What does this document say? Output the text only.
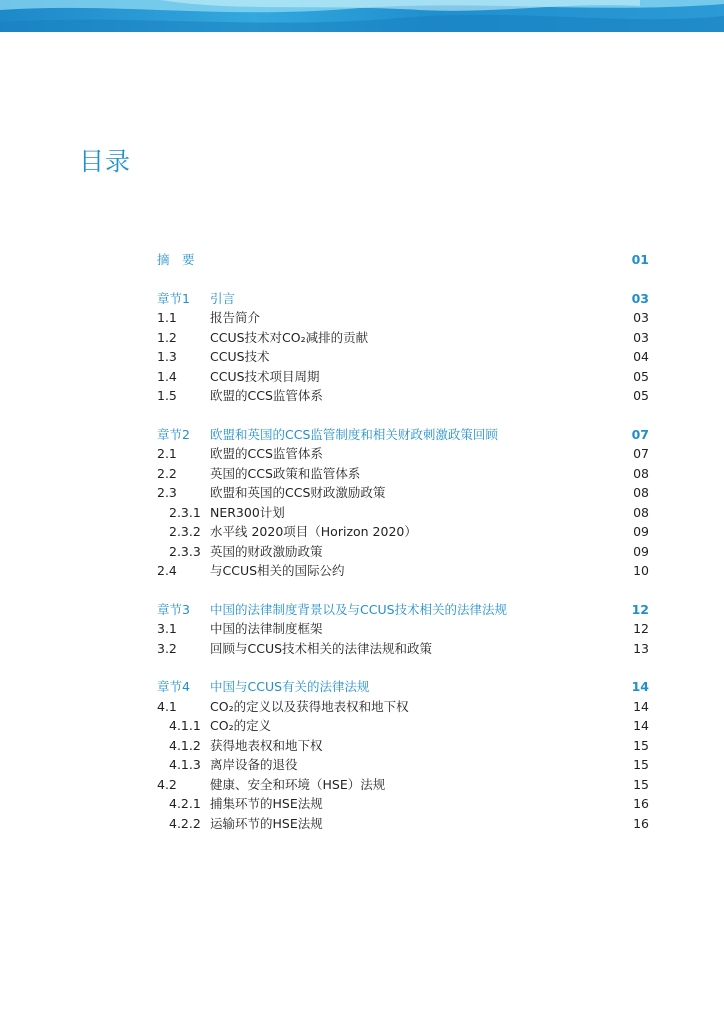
目录
摘　要	01
章节1 引言	03
1.1	报告简介	03
1.2	CCUS技术对CO₂减排的贡献	03
1.3	CCUS技术	04
1.4	CCUS技术项目周期	05
1.5	欧盟的CCS监管体系	05
章节2 欧盟和英国的CCS监管制度和相关财政刺激政策回顾	07
2.1	欧盟的CCS监管体系	07
2.2	英国的CCS政策和监管体系	08
2.3	欧盟和英国的CCS财政激励政策	08
2.3.1 NER300计划	08
2.3.2 水平线 2020项目（Horizon 2020）	09
2.3.3 英国的财政激励政策	09
2.4	与CCUS相关的国际公约	10
章节3 中国的法律制度背景以及与CCUS技术相关的法律法规	12
3.1	中国的法律制度框架	12
3.2	回顾与CCUS技术相关的法律法规和政策	13
章节4 中国与CCUS有关的法律法规	14
4.1	CO₂的定义以及获得地表权和地下权	14
4.1.1 CO₂的定义	14
4.1.2 获得地表权和地下权	15
4.1.3 离岸设备的退役	15
4.2	健康、安全和环境（HSE）法规	15
4.2.1 捕集环节的HSE法规	16
4.2.2 运输环节的HSE法规	16
